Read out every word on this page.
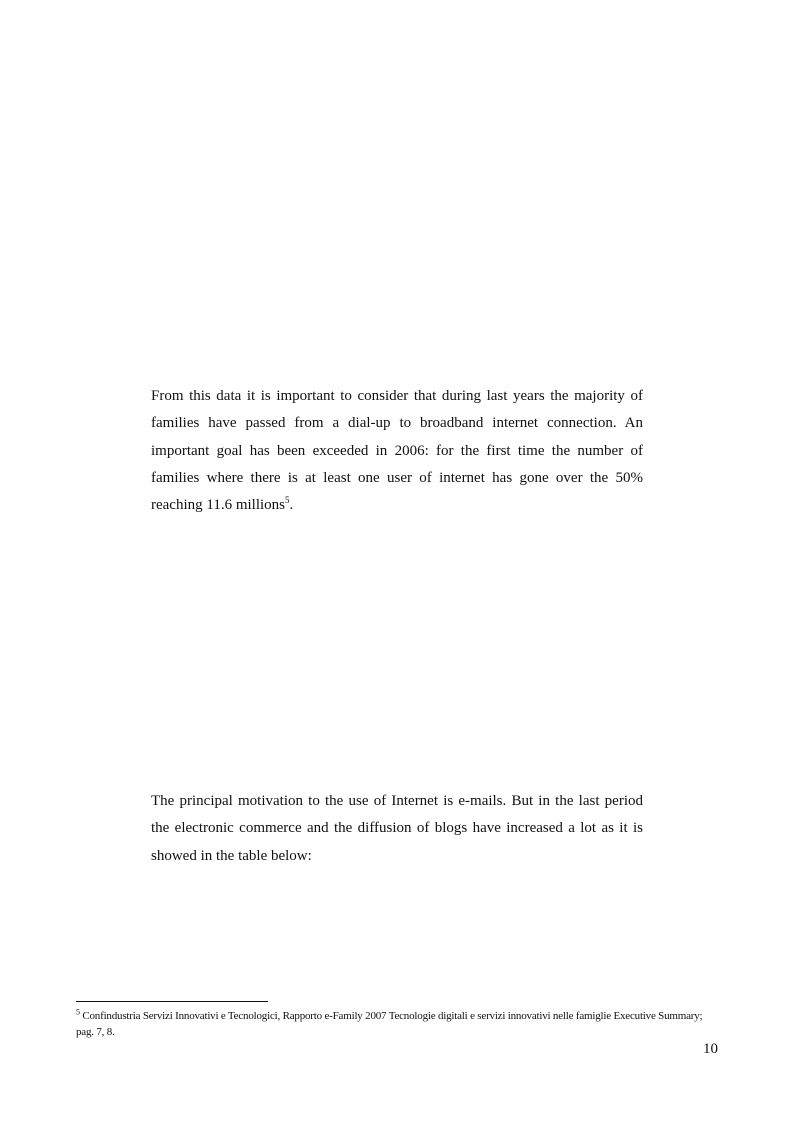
From this data it is important to consider that during last years the majority of families have passed from a dial-up to broadband internet connection. An important goal has been exceeded in 2006: for the first time the number of families where there is at least one user of internet has gone over the 50% reaching 11.6 millions$^5$.

The principal motivation to the use of Internet is e-mails. But in the last period the electronic commerce and the diffusion of blogs have increased a lot as it is showed in the table below:

$^5$ Confindustria Servizi Innovativi e Tecnologici, Rapporto e-Family 2007 Tecnologie digitali e servizi innovativi nelle famiglie Executive Summary; pag. 7, 8.

10
